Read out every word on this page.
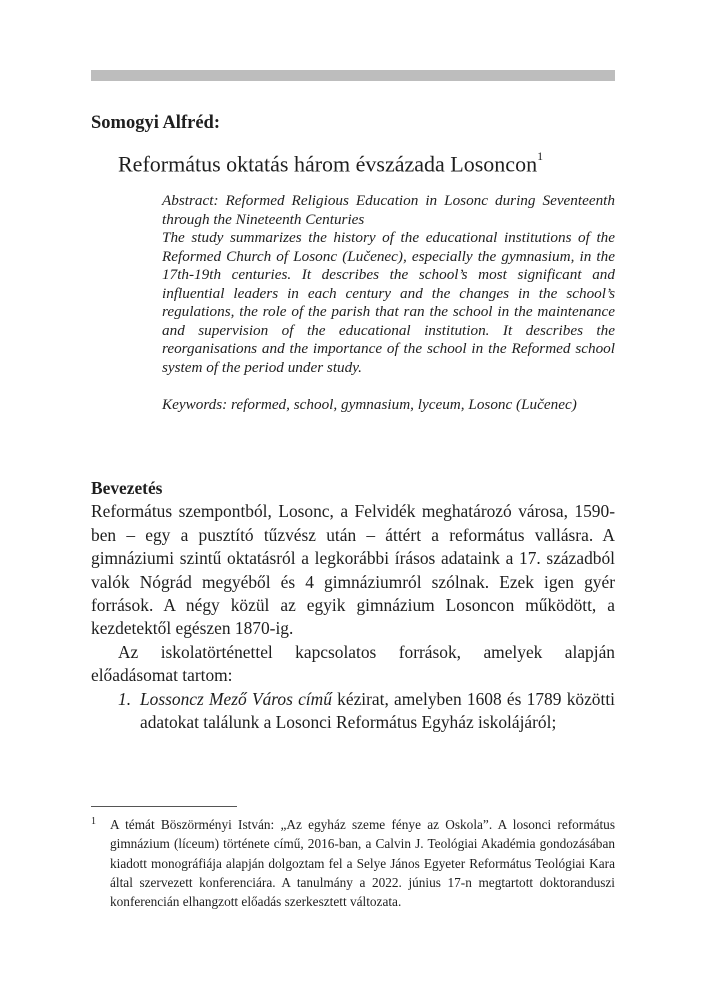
Somogyi Alfréd:
Református oktatás három évszázada Losoncon$^1$

Abstract: Reformed Religious Education in Losonc during Seventeenth through the Nineteenth Centuries

The study summarizes the history of the educational institutions of the Reformed Church of Losonc (Lučenec), especially the gymnasium, in the 17th-19th centuries. It describes the school’s most significant and influential leaders in each century and the changes in the school’s regulations, the role of the parish that ran the school in the maintenance and supervision of the educational institution. It describes the reorganisations and the importance of the school in the Reformed school system of the period under study.

Keywords: reformed, school, gymnasium, lyceum, Losonc (Lučenec)

Bevezetés

Református szempontból, Losonc, a Felvidék meghatározó városa, 1590-ben – egy a pusztító tűzvész után – áttért a református vallásra. A gimnáziumi szintű oktatásról a legkorábbi írásos adataink a 17. századból valók Nógrád megyéből és 4 gimnáziumról szólnak. Ezek igen gyér források. A négy közül az egyik gimnázium Losoncon működött, a kezdetektől egészen 1870-ig.

Az iskolatörténettel kapcsolatos források, amelyek alapján előadásomat tartom:

1. Lossoncz Mező Város című kézirat, amelyben 1608 és 1789 közötti adatokat találunk a Losonci Református Egyház iskolájáról;
1 A témát Böszörményi István: „Az egyház szeme fénye az Oskola”. A losonci református gimnázium (líceum) története című, 2016-ban, a Calvin J. Teológiai Akadémia gondozásában kiadott monográfiája alapján dolgoztam fel a Selye János Egyeter Református Teológiai Kara által szervezett konferenciára. A tanulmány a 2022. június 17-n megtartott doktoranduszi konferencián elhangzott előadás szerkesztett változata.
